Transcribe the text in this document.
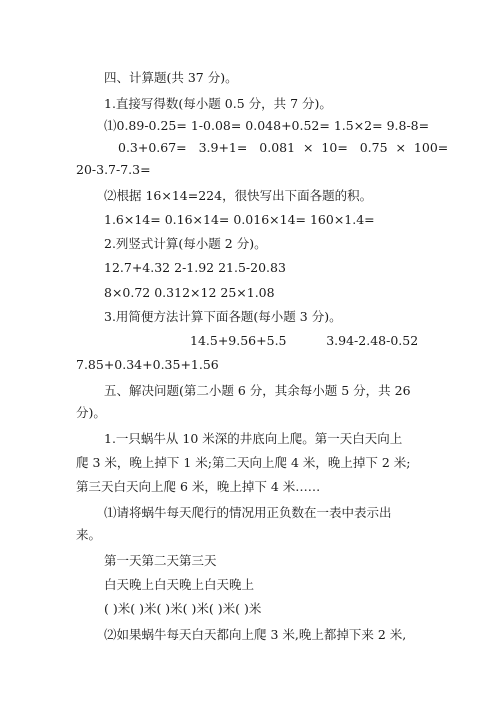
四、计算题(共 37 分)。
1.直接写得数(每小题 0.5 分，共 7 分)。
⑴0.89-0.25= 1-0.08= 0.048+0.52= 1.5×2= 9.8-8=
0.3+0.67=   3.9+1=   0.081  ×  10=   0.75  ×  100=
20-3.7-7.3=
⑵根据 16×14=224，很快写出下面各题的积。
1.6×14= 0.16×14= 0.016×14= 160×1.4=
2.列竖式计算(每小题 2 分)。
12.7+4.32 2-1.92 21.5-20.83
8×0.72 0.312×12 25×1.08
3.用简便方法计算下面各题(每小题 3 分)。
14.5+9.56+5.5          3.94-2.48-0.52
7.85+0.34+0.35+1.56
五、解决问题(第二小题 6 分，其余每小题 5 分，共 26
分)。
1.一只蜗牛从 10 米深的井底向上爬。第一天白天向上
爬 3 米，晚上掉下 1 米;第二天向上爬 4 米，晚上掉下 2 米;
第三天白天向上爬 6 米，晚上掉下 4 米……
⑴请将蜗牛每天爬行的情况用正负数在一表中表示出
来。
第一天第二天第三天
白天晚上白天晚上白天晚上
( )米( )米( )米( )米( )米( )米
⑵如果蜗牛每天白天都向上爬 3 米,晚上都掉下来 2 米,
